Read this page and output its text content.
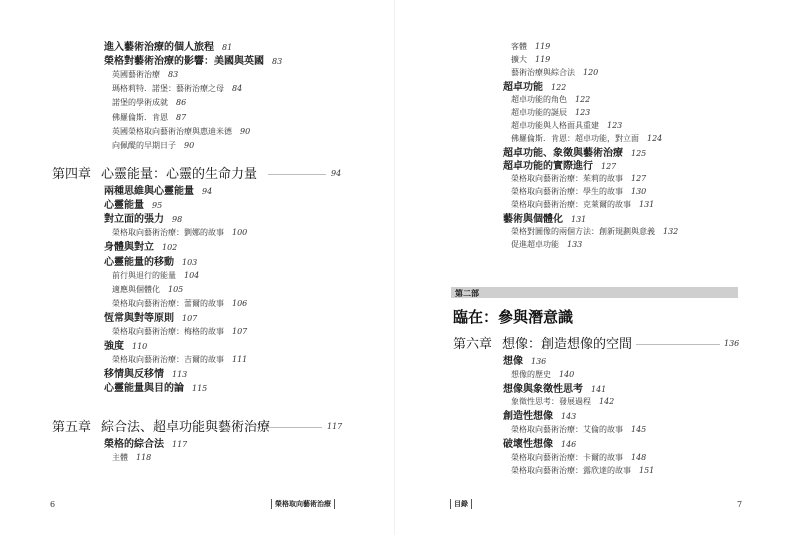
進入藝術治療的個人旅程 81
榮格對藝術治療的影響：美國與英國 83
英國藝術治療 83
瑪格莉特．諾堡：藝術治療之母 84
諾堡的學術成就 86
佛羅倫斯．肯恩 87
英國榮格取向藝術治療與惠迪米德 90
向佩醍的早期日子 90
第四章 心靈能量：心靈的生命力量	94
兩種思維與心靈能量 94
心靈能量 95
對立面的張力 98
榮格取向藝術治療：劉娜的故事 100
身體與對立 102
心靈能量的移動 103
前行與退行的能量 104
適應與個體化 105
榮格取向藝術治療：蕾爾的故事 106
恆常與對等原則 107
榮格取向藝術治療：梅格的故事 107
強度 110
榮格取向藝術治療：吉爾的故事 111
移情與反移情 113
心靈能量與目的論 115
第五章 綜合法、超卓功能與藝術治療	117
榮格的綜合法 117
主體 118
6	榮格取向藝術治療
客體 119
擴大 119
藝術治療與綜合法 120
超卓功能 122
超卓功能的角色 122
超卓功能的誕辰 123
超卓功能與人格面具重建 123
佛羅倫斯．肯恩：超卓功能，對立面 124
超卓功能、象徵與藝術治療 125
超卓功能的實際進行 127
榮格取向藝術治療：茱莉的故事 127
榮格取向藝術治療：學生的故事 130
榮格取向藝術治療：克萊爾的故事 131
藝術與個體化 131
榮格對圖像的兩個方法：創新規劃與意義 132
促進超卓功能 133
7
目錄
第二部
臨在：參與潛意識
第六章 想像：創造想像的空間	136
想像 136
想像的歷史 140
想像與象徵性思考 141
象徵性思考：發展過程 142
創造性想像 143
榮格取向藝術治療：艾倫的故事 145
破壞性想像 146
榮格取向藝術治療：卡爾的故事 148
榮格取向藝術治療：露欣達的故事 151
